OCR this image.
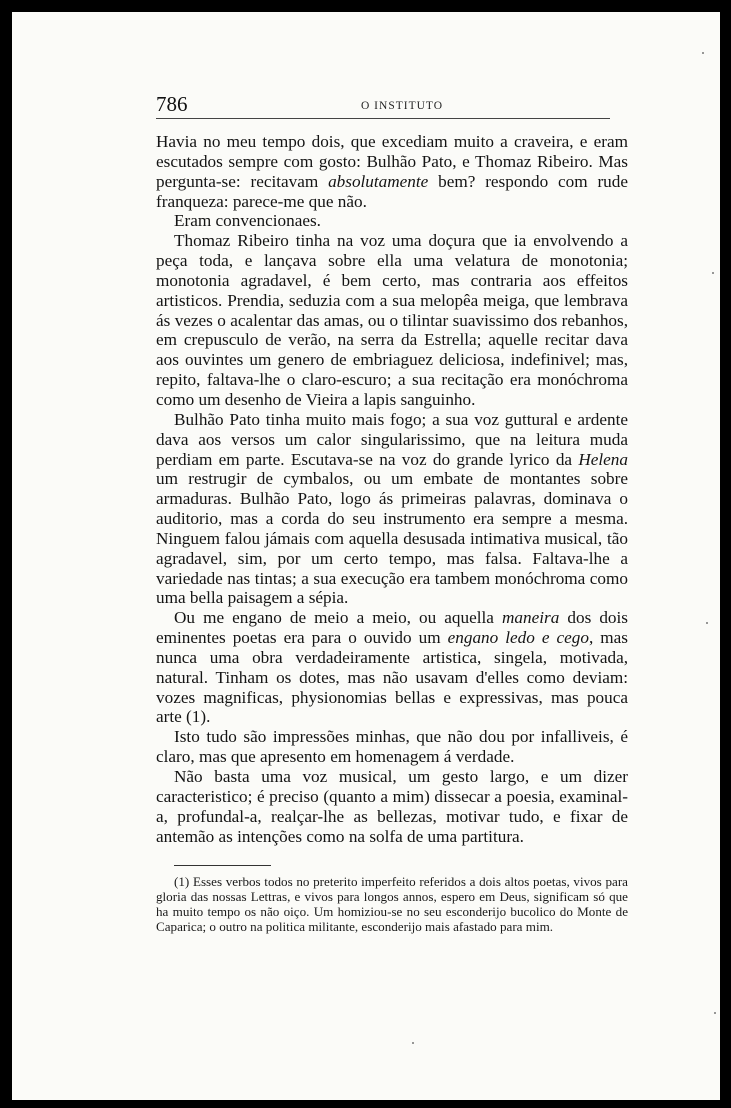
786	O INSTITUTO

Havia no meu tempo dois, que excediam muito a craveira, e eram escutados sempre com gosto: Bulhão Pato, e Thomaz Ribeiro. Mas pergunta-se: recitavam absolutamente bem? respondo com rude franqueza: parece-me que não.

Eram convencionaes.

Thomaz Ribeiro tinha na voz uma doçura que ia envolvendo a peça toda, e lançava sobre ella uma velatura de monotonia; monotonia agradavel, é bem certo, mas contraria aos effeitos artisticos. Prendia, seduzia com a sua melopêa meiga, que lembrava ás vezes o acalentar das amas, ou o tilintar suavissimo dos rebanhos, em crepusculo de verão, na serra da Estrella; aquelle recitar dava aos ouvintes um genero de embriaguez deliciosa, indefinivel; mas, repito, faltava-lhe o claro-escuro; a sua recitação era monóchroma como um desenho de Vieira a lapis sanguinho.

Bulhão Pato tinha muito mais fogo; a sua voz guttural e ardente dava aos versos um calor singularissimo, que na leitura muda perdiam em parte. Escutava-se na voz do grande lyrico da Helena um restrugir de cymbalos, ou um embate de montantes sobre armaduras. Bulhão Pato, logo ás primeiras palavras, dominava o auditorio, mas a corda do seu instrumento era sempre a mesma. Ninguem falou jámais com aquella desusada intimativa musical, tão agradavel, sim, por um certo tempo, mas falsa. Faltava-lhe a variedade nas tintas; a sua execução era tambem monóchroma como uma bella paisagem a sépia.

Ou me engano de meio a meio, ou aquella maneira dos dois eminentes poetas era para o ouvido um engano ledo e cego, mas nunca uma obra verdadeiramente artistica, singela, motivada, natural. Tinham os dotes, mas não usavam d'elles como deviam: vozes magnificas, physionomias bellas e expressivas, mas pouca arte (1).

Isto tudo são impressões minhas, que não dou por infalliveis, é claro, mas que apresento em homenagem á verdade.

Não basta uma voz musical, um gesto largo, e um dizer caracteristico; é preciso (quanto a mim) dissecar a poesia, examinal-a, profundal-a, realçar-lhe as bellezas, motivar tudo, e fixar de antemão as intenções como na solfa de uma partitura.

(1) Esses verbos todos no preterito imperfeito referidos a dois altos poetas, vivos para gloria das nossas Lettras, e vivos para longos annos, espero em Deus, significam só que ha muito tempo os não oiço. Um homiziou-se no seu esconderijo bucolico do Monte de Caparica; o outro na politica militante, esconderijo mais afastado para mim.
